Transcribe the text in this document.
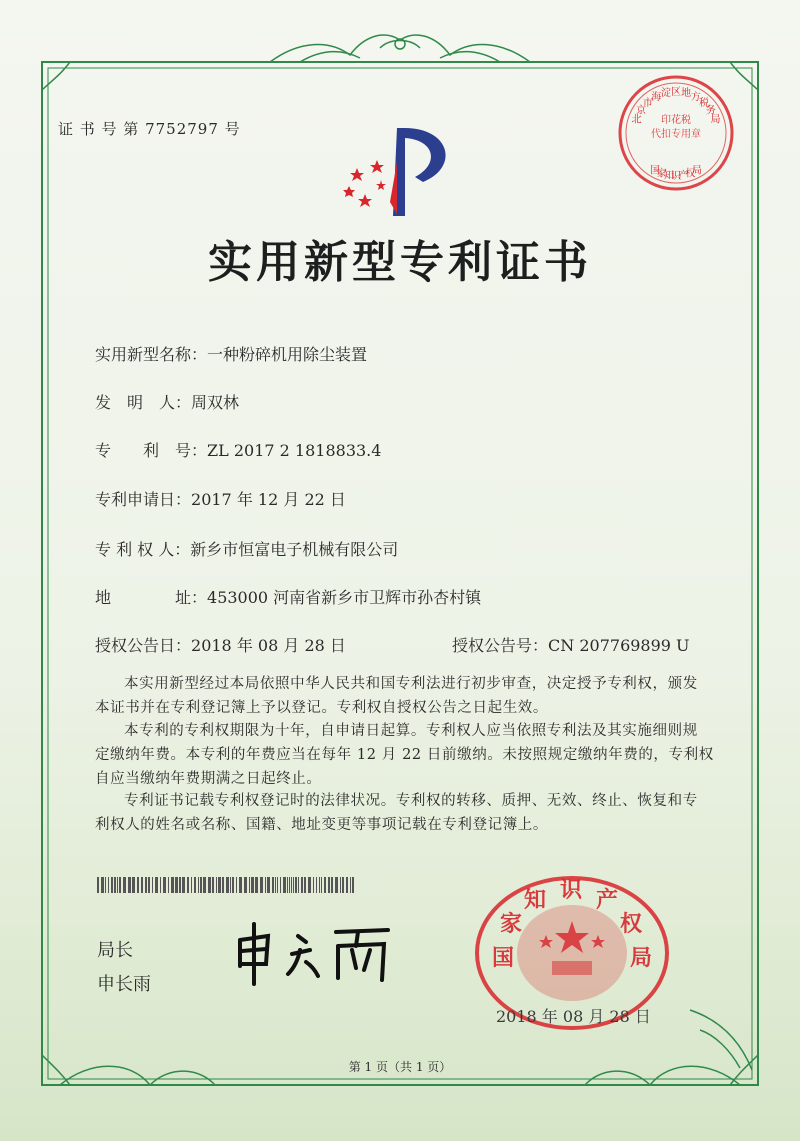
证 书 号 第 7752797 号
实用新型专利证书
实用新型名称：一种粉碎机用除尘装置
发　明　人：周双林
专　　利　号：ZL 2017 2 1818833.4
专利申请日：2017 年 12 月 22 日
专 利 权 人：新乡市恒富电子机械有限公司
地　　　　址：453000 河南省新乡市卫辉市孙杏村镇
授权公告日：2018 年 08 月 28 日	授权公告号：CN 207769899 U
本实用新型经过本局依照中华人民共和国专利法进行初步审查，决定授予专利权，颁发
本证书并在专利登记簿上予以登记。专利权自授权公告之日起生效。
本专利的专利权期限为十年，自申请日起算。专利权人应当依照专利法及其实施细则规
定缴纳年费。本专利的年费应当在每年 12 月 22 日前缴纳。未按照规定缴纳年费的，专利权
自应当缴纳年费期满之日起终止。
专利证书记载专利权登记时的法律状况。专利权的转移、质押、无效、终止、恢复和专
利权人的姓名或名称、国籍、地址变更等事项记载在专利登记簿上。
局长
申长雨
国
家
知 识 产
权
局
2018 年 08 月 28 日
印花税
代扣专用章
北
京
市
海 淀 区 地 方
税
务
局
国
家
知
识
产
权
局
第 1 页（共 1 页）
